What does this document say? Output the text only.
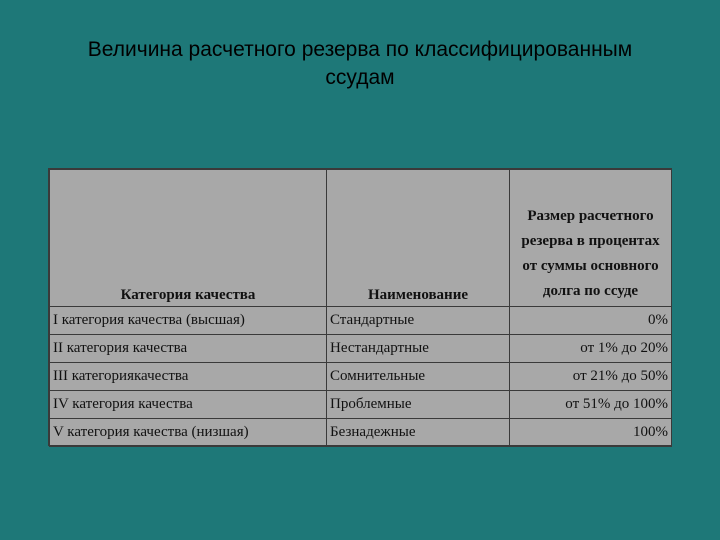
Величина расчетного резерва по классифицированным
ссудам
Категория качества	Наименование	Размер расчетного
резерва в процентах
от суммы основного
долга по ссуде

I категория качества (высшая)	Стандартные	0%
II категория качества	Нестандартные	от 1% до 20%
III категориякачества	Сомнительные	от 21% до 50%
IV категория качества	Проблемные	от 51% до 100%
V категория качества (низшая)	Безнадежные	100%
